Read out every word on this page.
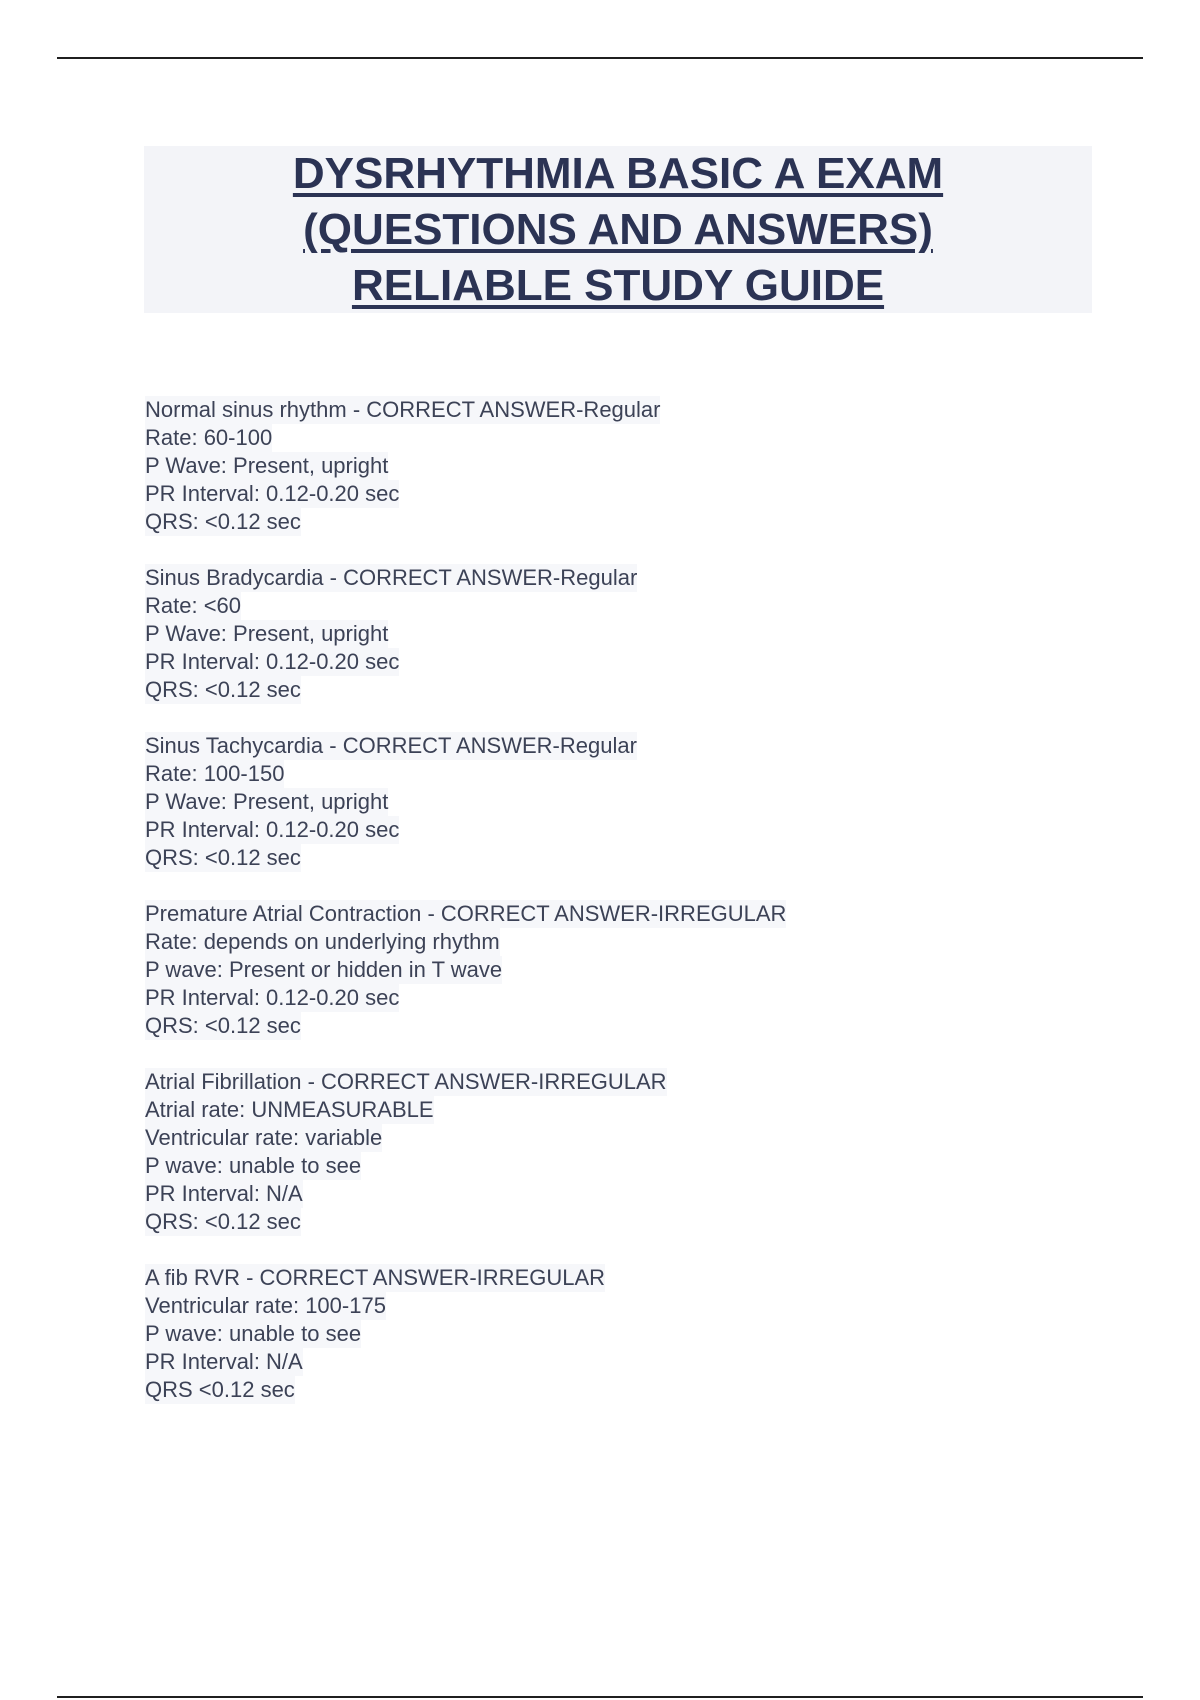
DYSRHYTHMIA BASIC A EXAM
(QUESTIONS AND ANSWERS)
RELIABLE STUDY GUIDE
Normal sinus rhythm - CORRECT ANSWER-Regular
Rate: 60-100
P Wave: Present, upright
PR Interval: 0.12-0.20 sec
QRS: <0.12 sec
Sinus Bradycardia - CORRECT ANSWER-Regular
Rate: <60
P Wave: Present, upright
PR Interval: 0.12-0.20 sec
QRS: <0.12 sec
Sinus Tachycardia - CORRECT ANSWER-Regular
Rate: 100-150
P Wave: Present, upright
PR Interval: 0.12-0.20 sec
QRS: <0.12 sec
Premature Atrial Contraction - CORRECT ANSWER-IRREGULAR
Rate: depends on underlying rhythm
P wave: Present or hidden in T wave
PR Interval: 0.12-0.20 sec
QRS: <0.12 sec
Atrial Fibrillation - CORRECT ANSWER-IRREGULAR
Atrial rate: UNMEASURABLE
Ventricular rate: variable
P wave: unable to see
PR Interval: N/A
QRS: <0.12 sec
A fib RVR - CORRECT ANSWER-IRREGULAR
Ventricular rate: 100-175
P wave: unable to see
PR Interval: N/A
QRS <0.12 sec
